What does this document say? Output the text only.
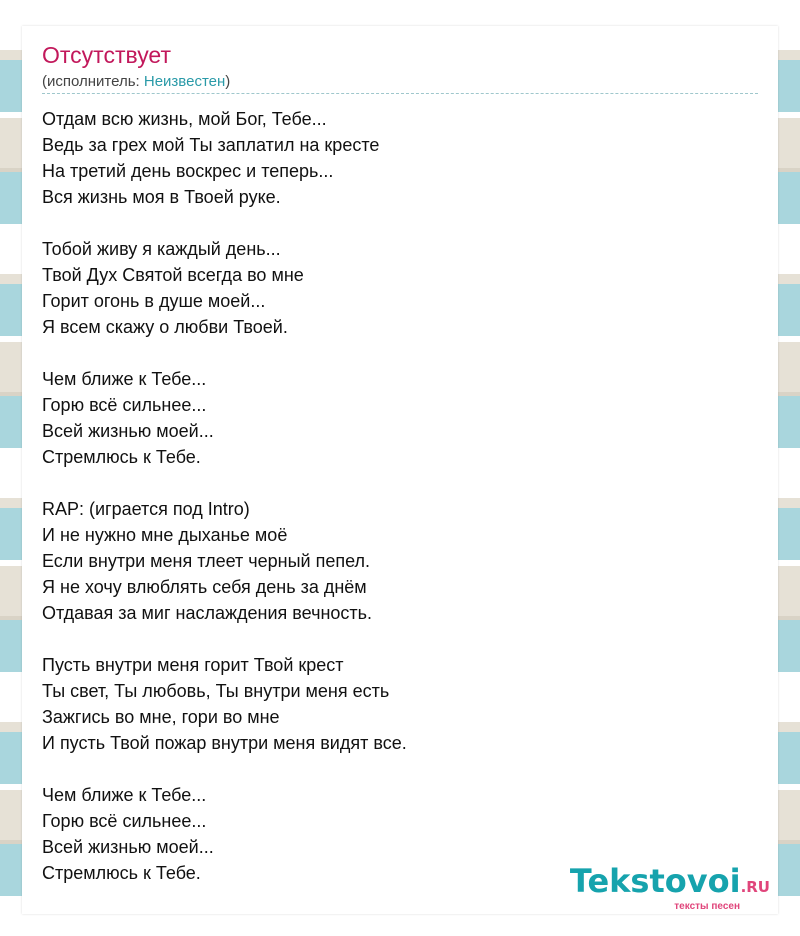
Отсутствует
(исполнитель: Неизвестен)
Отдам всю жизнь, мой Бог, Тебе...
Ведь за грех мой Ты заплатил на кресте
На третий день воскрес и теперь...
Вся жизнь моя в Твоей руке.

Тобой живу я каждый день...
Твой Дух Святой всегда во мне
Горит огонь в душе моей...
Я всем скажу о любви Твоей.

Чем ближе к Тебе...
Горю всё сильнее...
Всей жизнью моей...
Стремлюсь к Тебе.

RAP: (играется под Intro)
И не нужно мне дыханье моё
Если внутри меня тлеет черный пепел.
Я не хочу влюблять себя день за днём
Отдавая за миг наслаждения вечность.

Пусть внутри меня горит Твой крест
Ты свет, Ты любовь, Ты внутри меня есть
Зажгись во мне, гори во мне
И пусть Твой пожар внутри меня видят все.

Чем ближе к Тебе...
Горю всё сильнее...
Всей жизнью моей...
Стремлюсь к Тебе.	Tekstovoi.RU
тексты песен
